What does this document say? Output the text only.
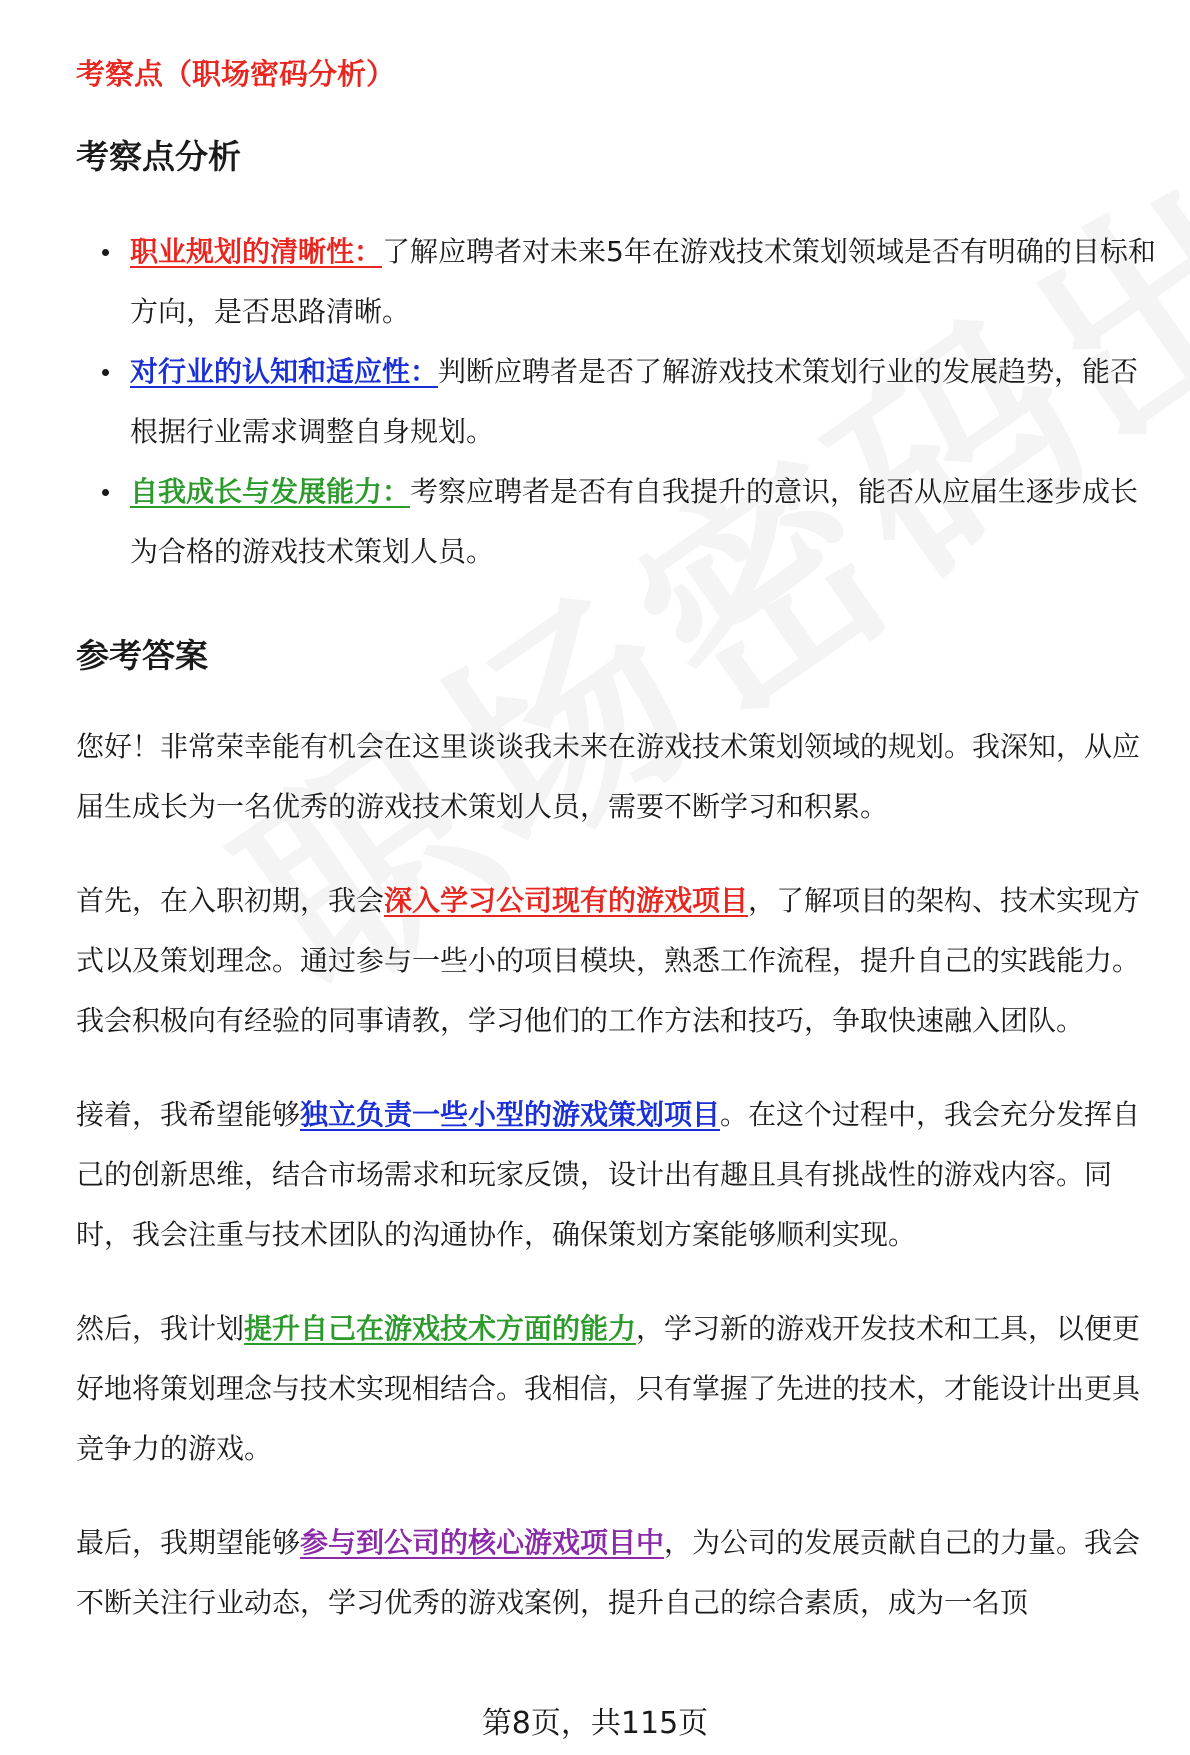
考察点（职场密码分析）

考察点分析
职业规划的清晰性：了解应聘者对未来5年在游戏技术策划领域是否有明确的目标和方向，是否思路清晰。
对行业的认知和适应性：判断应聘者是否了解游戏技术策划行业的发展趋势，能否根据行业需求调整自身规划。
自我成长与发展能力：考察应聘者是否有自我提升的意识，能否从应届生逐步成长为合格的游戏技术策划人员。
参考答案

您好！非常荣幸能有机会在这里谈谈我未来在游戏技术策划领域的规划。我深知，从应届生成长为一名优秀的游戏技术策划人员，需要不断学习和积累。

首先，在入职初期，我会深入学习公司现有的游戏项目，了解项目的架构、技术实现方式以及策划理念。通过参与一些小的项目模块，熟悉工作流程，提升自己的实践能力。我会积极向有经验的同事请教，学习他们的工作方法和技巧，争取快速融入团队。

接着，我希望能够独立负责一些小型的游戏策划项目。在这个过程中，我会充分发挥自己的创新思维，结合市场需求和玩家反馈，设计出有趣且具有挑战性的游戏内容。同时，我会注重与技术团队的沟通协作，确保策划方案能够顺利实现。

然后，我计划提升自己在游戏技术方面的能力，学习新的游戏开发技术和工具，以便更好地将策划理念与技术实现相结合。我相信，只有掌握了先进的技术，才能设计出更具竞争力的游戏。

最后，我期望能够参与到公司的核心游戏项目中，为公司的发展贡献自己的力量。我会不断关注行业动态，学习优秀的游戏案例，提升自己的综合素质，成为一名顶

第8页，共115页
